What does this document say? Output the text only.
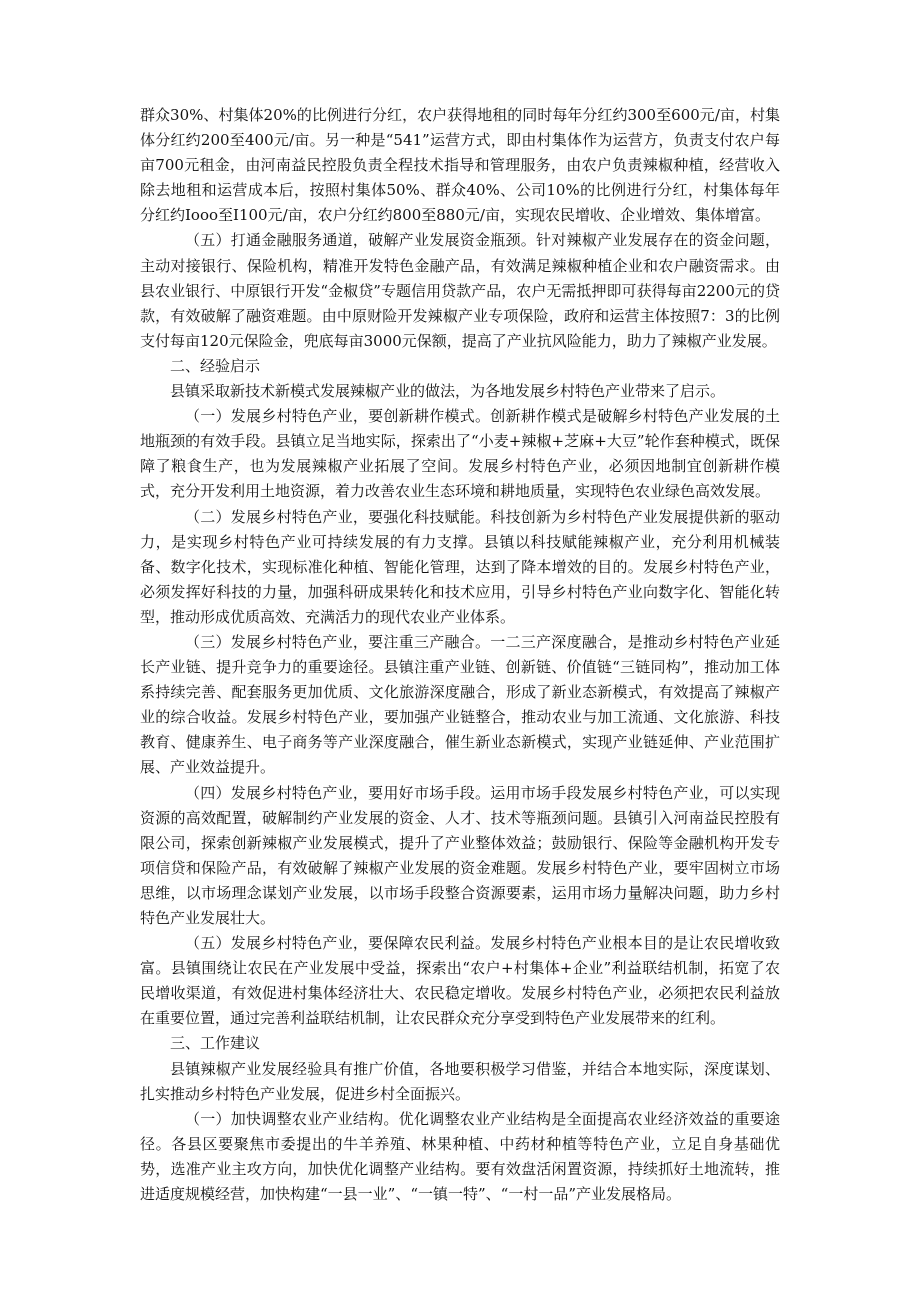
群众30%、村集体20%的比例进行分红，农户获得地租的同时每年分红约300至600元/亩，村集体分红约200至400元/亩。另一种是“541”运营方式，即由村集体作为运营方，负责支付农户每亩700元租金，由河南益民控股负责全程技术指导和管理服务，由农户负责辣椒种植，经营收入除去地租和运营成本后，按照村集体50%、群众40%、公司10%的比例进行分红，村集体每年分红约Iooo至I100元/亩，农户分红约800至880元/亩，实现农民增收、企业增效、集体增富。

（五）打通金融服务通道，破解产业发展资金瓶颈。针对辣椒产业发展存在的资金问题，主动对接银行、保险机构，精准开发特色金融产品，有效满足辣椒种植企业和农户融资需求。由县农业银行、中原银行开发“金椒贷”专题信用贷款产品，农户无需抵押即可获得每亩2200元的贷款，有效破解了融资难题。由中原财险开发辣椒产业专项保险，政府和运营主体按照7：3的比例支付每亩120元保险金，兜底每亩3000元保额，提高了产业抗风险能力，助力了辣椒产业发展。

二、经验启示

县镇采取新技术新模式发展辣椒产业的做法，为各地发展乡村特色产业带来了启示。

（一）发展乡村特色产业，要创新耕作模式。创新耕作模式是破解乡村特色产业发展的土地瓶颈的有效手段。县镇立足当地实际，探索出了“小麦+辣椒+芝麻+大豆”轮作套种模式，既保障了粮食生产，也为发展辣椒产业拓展了空间。发展乡村特色产业，必须因地制宜创新耕作模式，充分开发利用土地资源，着力改善农业生态环境和耕地质量，实现特色农业绿色高效发展。

（二）发展乡村特色产业，要强化科技赋能。科技创新为乡村特色产业发展提供新的驱动力，是实现乡村特色产业可持续发展的有力支撑。县镇以科技赋能辣椒产业，充分利用机械装备、数字化技术，实现标准化种植、智能化管理，达到了降本增效的目的。发展乡村特色产业，必须发挥好科技的力量，加强科研成果转化和技术应用，引导乡村特色产业向数字化、智能化转型，推动形成优质高效、充满活力的现代农业产业体系。

（三）发展乡村特色产业，要注重三产融合。一二三产深度融合，是推动乡村特色产业延长产业链、提升竞争力的重要途径。县镇注重产业链、创新链、价值链“三链同构”，推动加工体系持续完善、配套服务更加优质、文化旅游深度融合，形成了新业态新模式，有效提高了辣椒产业的综合收益。发展乡村特色产业，要加强产业链整合，推动农业与加工流通、文化旅游、科技教育、健康养生、电子商务等产业深度融合，催生新业态新模式，实现产业链延伸、产业范围扩展、产业效益提升。

（四）发展乡村特色产业，要用好市场手段。运用市场手段发展乡村特色产业，可以实现资源的高效配置，破解制约产业发展的资金、人才、技术等瓶颈问题。县镇引入河南益民控股有限公司，探索创新辣椒产业发展模式，提升了产业整体效益；鼓励银行、保险等金融机构开发专项信贷和保险产品，有效破解了辣椒产业发展的资金难题。发展乡村特色产业，要牢固树立市场思维，以市场理念谋划产业发展，以市场手段整合资源要素，运用市场力量解决问题，助力乡村特色产业发展壮大。

（五）发展乡村特色产业，要保障农民利益。发展乡村特色产业根本目的是让农民增收致富。县镇围绕让农民在产业发展中受益，探索出“农户+村集体+企业”利益联结机制，拓宽了农民增收渠道，有效促进村集体经济壮大、农民稳定增收。发展乡村特色产业，必须把农民利益放在重要位置，通过完善利益联结机制，让农民群众充分享受到特色产业发展带来的红利。

三、工作建议

县镇辣椒产业发展经验具有推广价值，各地要积极学习借鉴，并结合本地实际，深度谋划、扎实推动乡村特色产业发展，促进乡村全面振兴。

（一）加快调整农业产业结构。优化调整农业产业结构是全面提高农业经济效益的重要途径。各县区要聚焦市委提出的牛羊养殖、林果种植、中药材种植等特色产业，立足自身基础优势，选准产业主攻方向，加快优化调整产业结构。要有效盘活闲置资源，持续抓好土地流转，推进适度规模经营，加快构建“一县一业”、“一镇一特”、“一村一品”产业发展格局。
